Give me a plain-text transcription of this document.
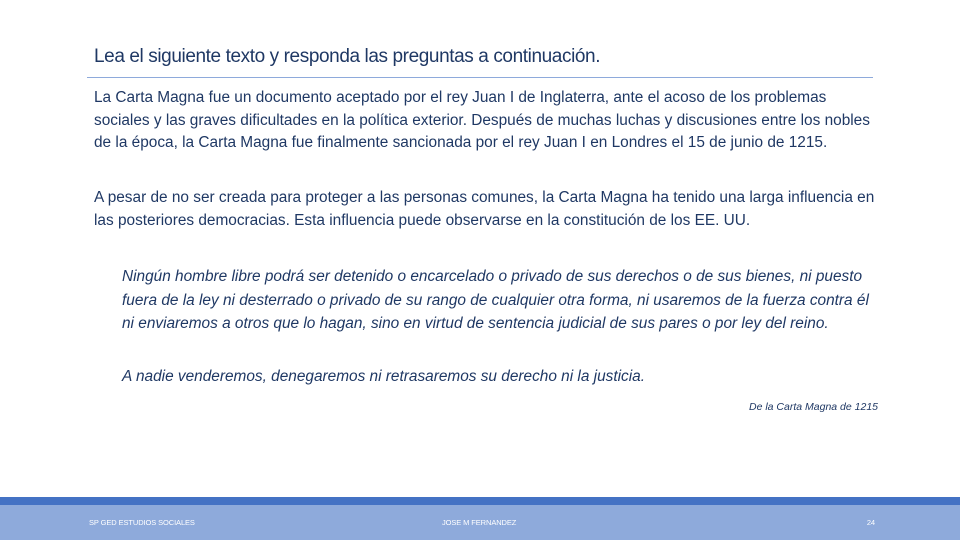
Lea el siguiente texto y responda las preguntas a continuación.

La Carta Magna fue un documento aceptado por el rey Juan I de Inglaterra, ante el acoso de los problemas sociales y las graves dificultades en la política exterior. Después de muchas luchas y discusiones entre los nobles de la época, la Carta Magna fue finalmente sancionada por el rey Juan I en Londres el 15 de junio de 1215.

A pesar de no ser creada para proteger a las personas comunes, la Carta Magna ha tenido una larga influencia en las posteriores democracias. Esta influencia puede observarse en la constitución de los EE. UU.

Ningún hombre libre podrá ser detenido o encarcelado o privado de sus derechos o de sus bienes, ni puesto fuera de la ley ni desterrado o privado de su rango de cualquier otra forma, ni usaremos de la fuerza contra él ni enviaremos a otros que lo hagan, sino en virtud de sentencia judicial de sus pares o por ley del reino.

A nadie venderemos, denegaremos ni retrasaremos su derecho ni la justicia.

De la Carta Magna de 1215
SP GED ESTUDIOS SOCIALES	JOSE M FERNANDEZ	24
